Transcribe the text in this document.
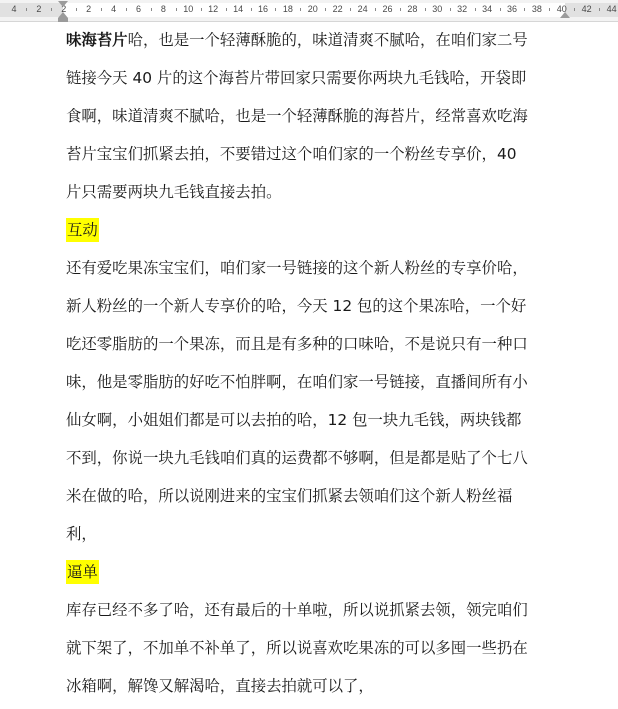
4 2 2 2 4 6 8 10 12 14 16 18 20 22 24 26 28 30 32 34 36 38 40 42 44
味海苔片哈，也是一个轻薄酥脆的，味道清爽不腻哈，在咱们家二号
链接今天 40 片的这个海苔片带回家只需要你两块九毛钱哈，开袋即
食啊，味道清爽不腻哈，也是一个轻薄酥脆的海苔片，经常喜欢吃海
苔片宝宝们抓紧去拍，不要错过这个咱们家的一个粉丝专享价，40
片只需要两块九毛钱直接去拍。
互动
还有爱吃果冻宝宝们，咱们家一号链接的这个新人粉丝的专享价哈，
新人粉丝的一个新人专享价的哈，今天 12 包的这个果冻哈，一个好
吃还零脂肪的一个果冻，而且是有多种的口味哈，不是说只有一种口
味，他是零脂肪的好吃不怕胖啊，在咱们家一号链接，直播间所有小
仙女啊，小姐姐们都是可以去拍的哈，12 包一块九毛钱，两块钱都
不到，你说一块九毛钱咱们真的运费都不够啊，但是都是贴了个七八
米在做的哈，所以说刚进来的宝宝们抓紧去领咱们这个新人粉丝福
利，
逼单
库存已经不多了哈，还有最后的十单啦，所以说抓紧去领，领完咱们
就下架了，不加单不补单了，所以说喜欢吃果冻的可以多囤一些扔在
冰箱啊，解馋又解渴哈，直接去拍就可以了，
